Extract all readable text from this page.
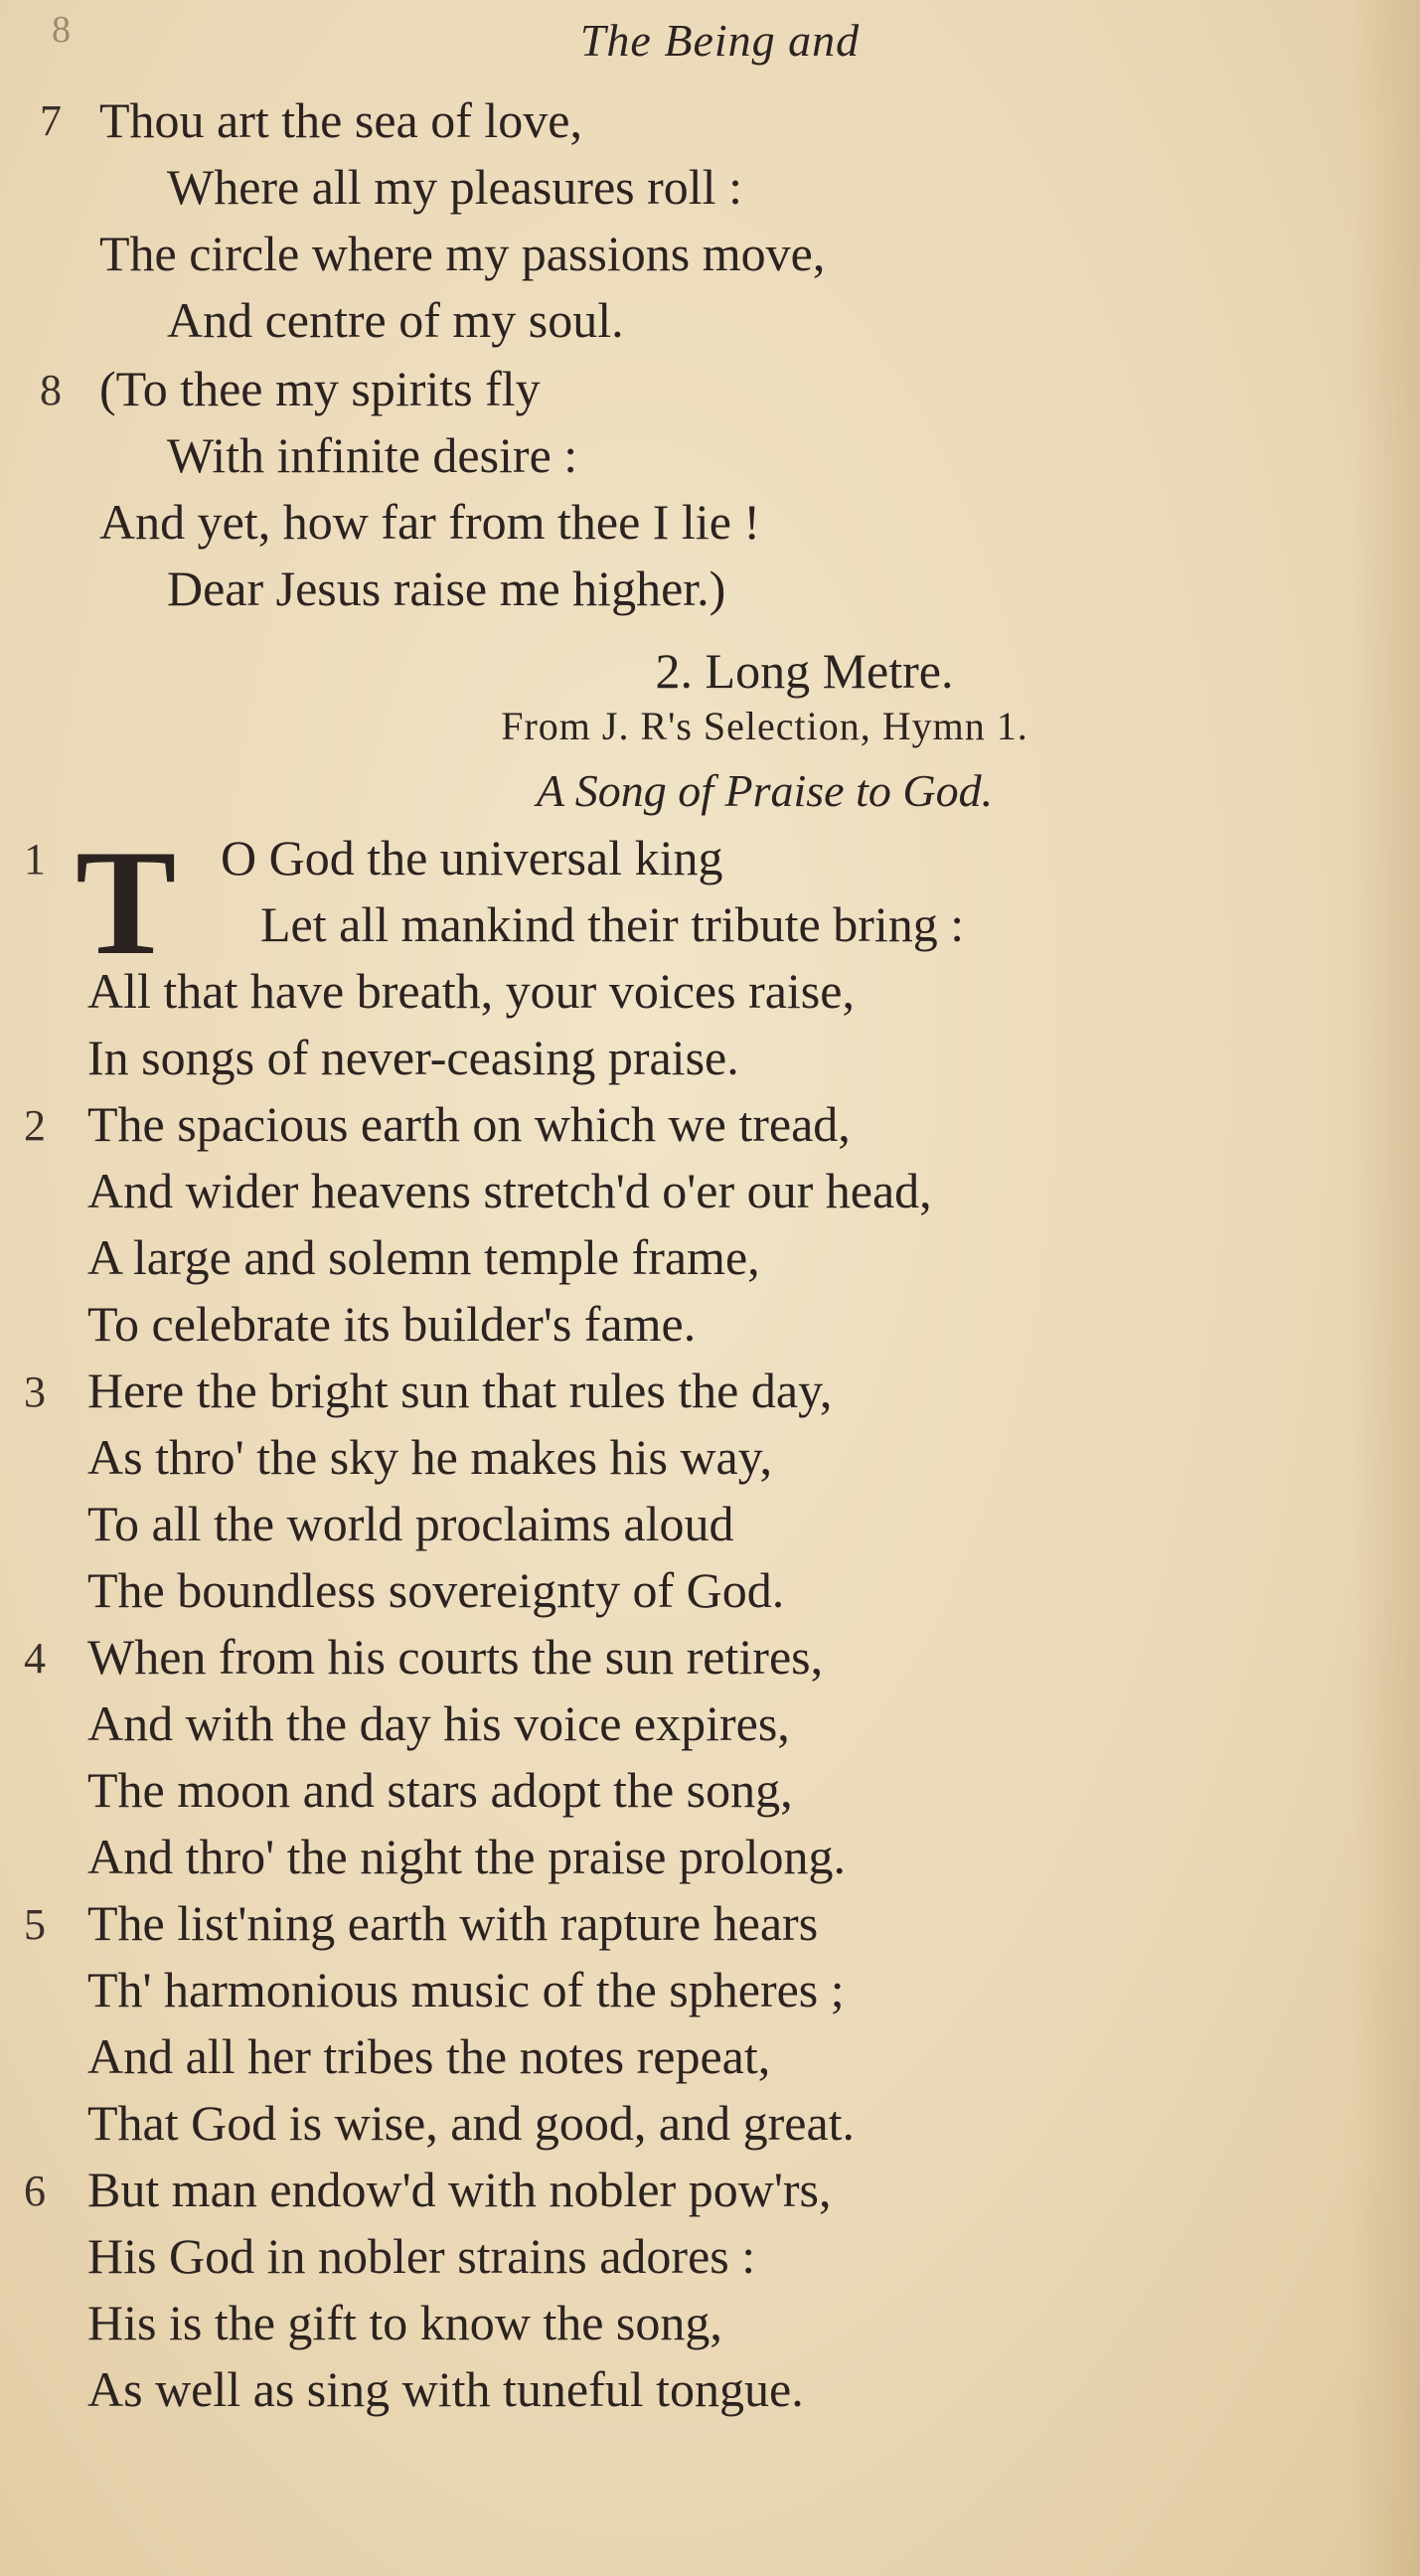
8	The Being and
7 Thou art the sea of love,
Where all my pleasures roll :
The circle where my passions move,
And centre of my soul.
8 (To thee my spirits fly
With infinite desire :
And yet, how far from thee I lie !
Dear Jesus raise me higher.)
2. Long Metre.
From J. R's Selection, Hymn 1.
A Song of Praise to God.
1 T O God the universal king
Let all mankind their tribute bring :
All that have breath, your voices raise,
In songs of never-ceasing praise.
2 The spacious earth on which we tread,
And wider heavens stretch'd o'er our head,
A large and solemn temple frame,
To celebrate its builder's fame.
3 Here the bright sun that rules the day,
As thro' the sky he makes his way,
To all the world proclaims aloud
The boundless sovereignty of God.
4 When from his courts the sun retires,
And with the day his voice expires,
The moon and stars adopt the song,
And thro' the night the praise prolong.
5 The list'ning earth with rapture hears
Th' harmonious music of the spheres ;
And all her tribes the notes repeat,
That God is wise, and good, and great.
6 But man endow'd with nobler pow'rs,
His God in nobler strains adores :
His is the gift to know the song,
As well as sing with tuneful tongue.
